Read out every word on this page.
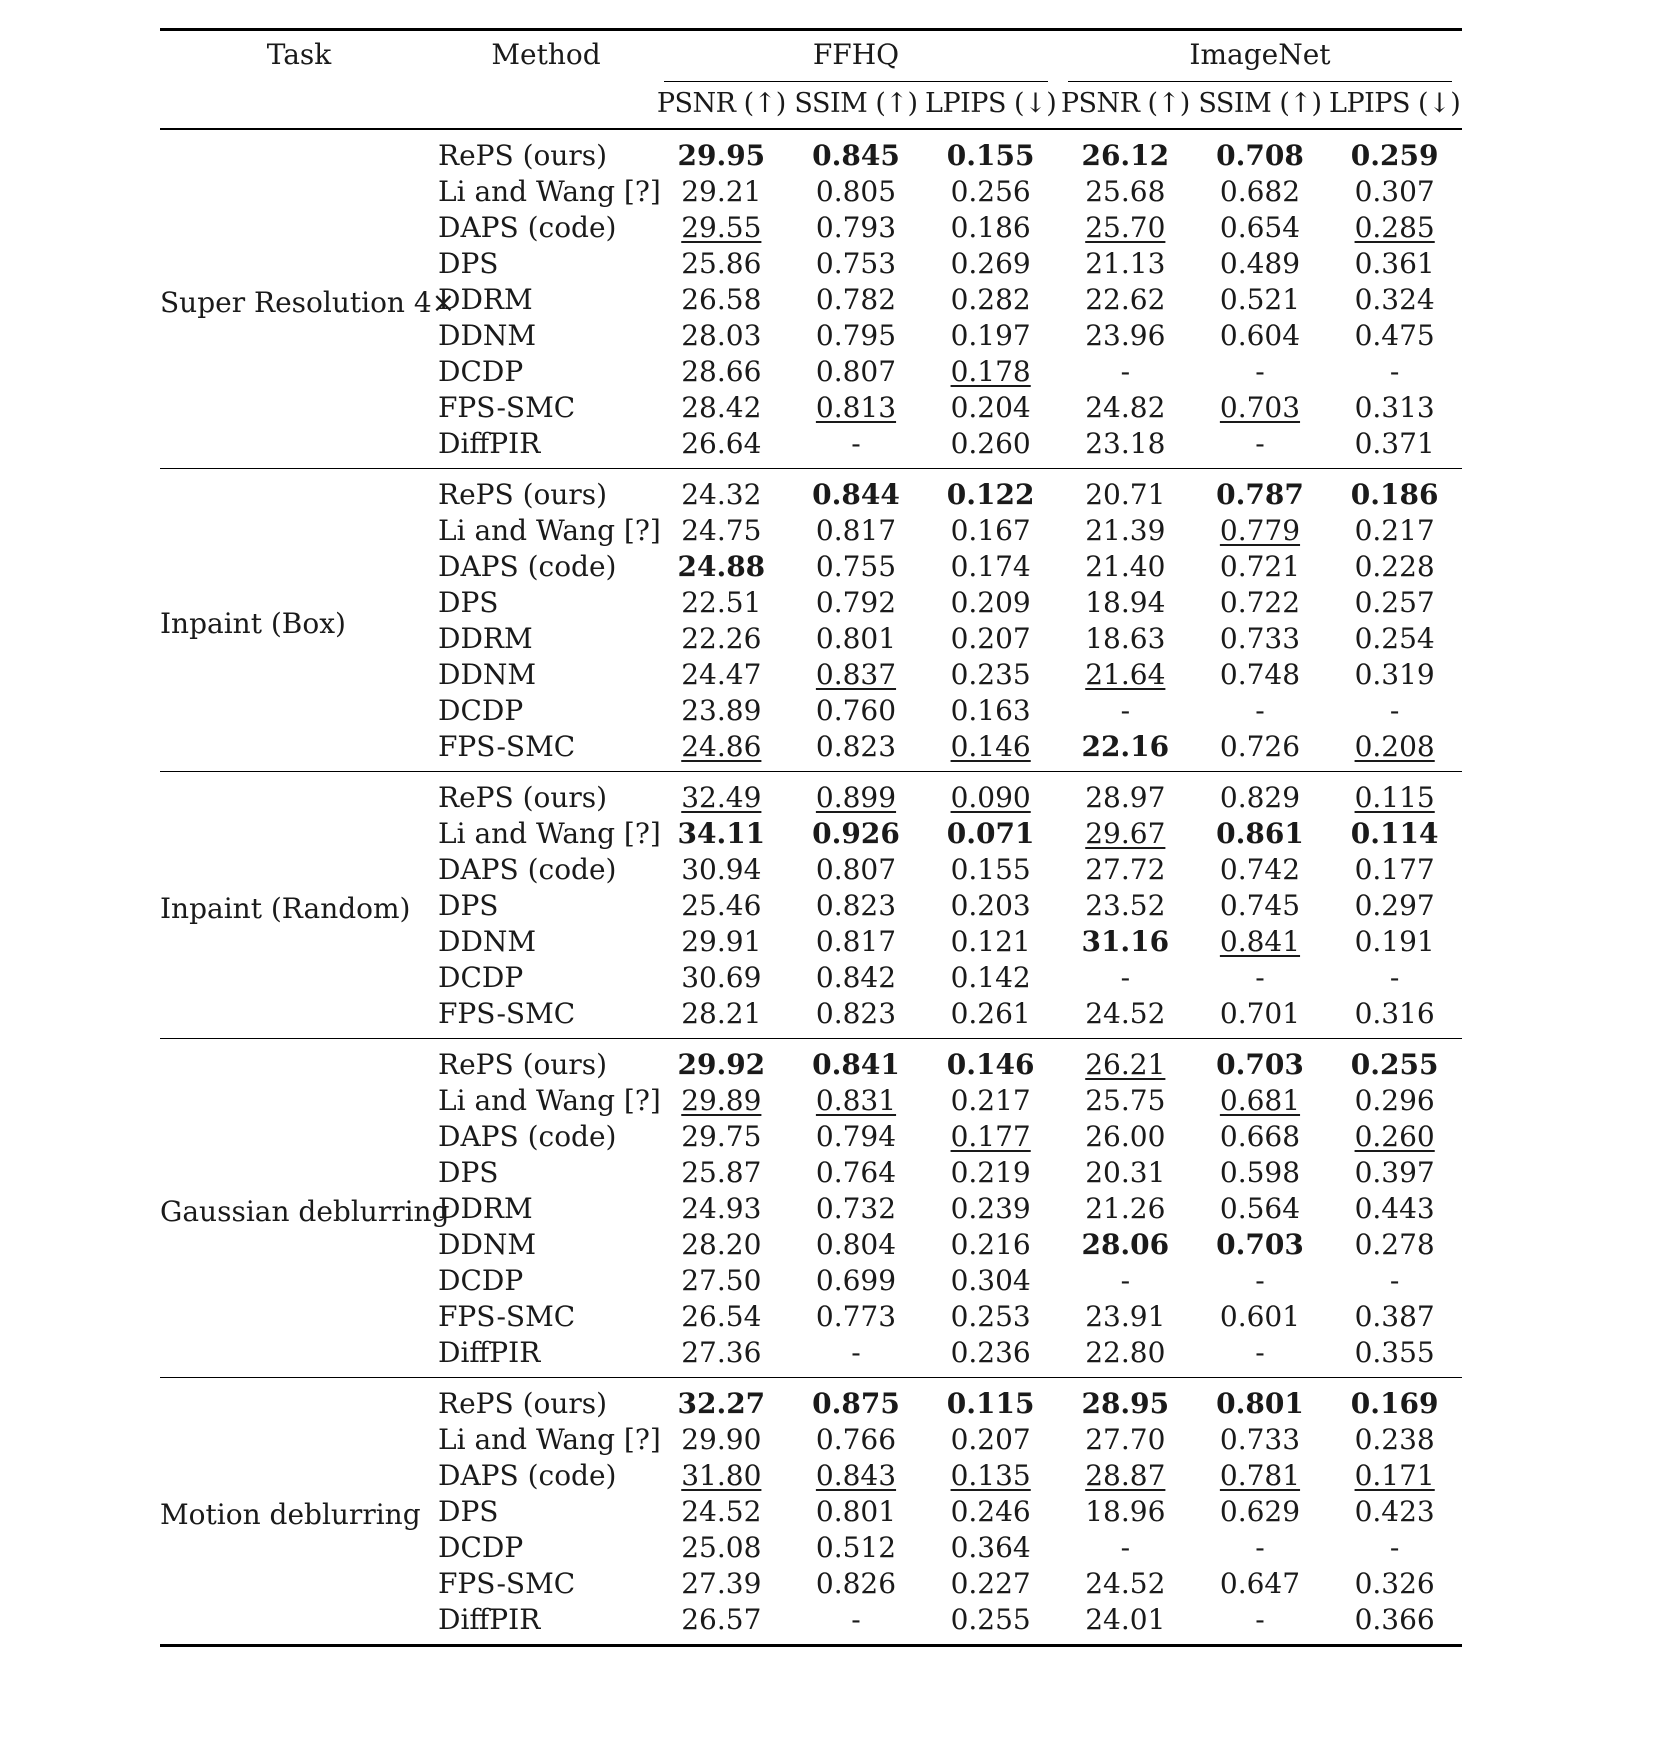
Task	Method	FFHQ			ImageNet		

		PSNR (↑)	SSIM (↑)	LPIPS (↓)	PSNR (↑)	SSIM (↑)	LPIPS (↓)
Super Resolution 4×	RePS (ours)	29.95	0.845	0.155	26.12	0.708	0.259
	Li and Wang [?]	29.21	0.805	0.256	25.68	0.682	0.307
	DAPS (code)	29.55	0.793	0.186	25.70	0.654	0.285
	DPS	25.86	0.753	0.269	21.13	0.489	0.361
	DDRM	26.58	0.782	0.282	22.62	0.521	0.324
	DDNM	28.03	0.795	0.197	23.96	0.604	0.475
	DCDP	28.66	0.807	0.178	-	-	-
	FPS-SMC	28.42	0.813	0.204	24.82	0.703	0.313
	DiffPIR	26.64	-	0.260	23.18	-	0.371
Inpaint (Box)	RePS (ours)	24.32	0.844	0.122	20.71	0.787	0.186
	Li and Wang [?]	24.75	0.817	0.167	21.39	0.779	0.217
	DAPS (code)	24.88	0.755	0.174	21.40	0.721	0.228
	DPS	22.51	0.792	0.209	18.94	0.722	0.257
	DDRM	22.26	0.801	0.207	18.63	0.733	0.254
	DDNM	24.47	0.837	0.235	21.64	0.748	0.319
	DCDP	23.89	0.760	0.163	-	-	-
	FPS-SMC	24.86	0.823	0.146	22.16	0.726	0.208
Inpaint (Random)	RePS (ours)	32.49	0.899	0.090	28.97	0.829	0.115
	Li and Wang [?]	34.11	0.926	0.071	29.67	0.861	0.114
	DAPS (code)	30.94	0.807	0.155	27.72	0.742	0.177
	DPS	25.46	0.823	0.203	23.52	0.745	0.297
	DDNM	29.91	0.817	0.121	31.16	0.841	0.191
	DCDP	30.69	0.842	0.142	-	-	-
	FPS-SMC	28.21	0.823	0.261	24.52	0.701	0.316
Gaussian deblurring	RePS (ours)	29.92	0.841	0.146	26.21	0.703	0.255
	Li and Wang [?]	29.89	0.831	0.217	25.75	0.681	0.296
	DAPS (code)	29.75	0.794	0.177	26.00	0.668	0.260
	DPS	25.87	0.764	0.219	20.31	0.598	0.397
	DDRM	24.93	0.732	0.239	21.26	0.564	0.443
	DDNM	28.20	0.804	0.216	28.06	0.703	0.278
	DCDP	27.50	0.699	0.304	-	-	-
	FPS-SMC	26.54	0.773	0.253	23.91	0.601	0.387
	DiffPIR	27.36	-	0.236	22.80	-	0.355
Motion deblurring	RePS (ours)	32.27	0.875	0.115	28.95	0.801	0.169
	Li and Wang [?]	29.90	0.766	0.207	27.70	0.733	0.238
	DAPS (code)	31.80	0.843	0.135	28.87	0.781	0.171
	DPS	24.52	0.801	0.246	18.96	0.629	0.423
	DCDP	25.08	0.512	0.364	-	-	-
	FPS-SMC	27.39	0.826	0.227	24.52	0.647	0.326
	DiffPIR	26.57	-	0.255	24.01	-	0.366
